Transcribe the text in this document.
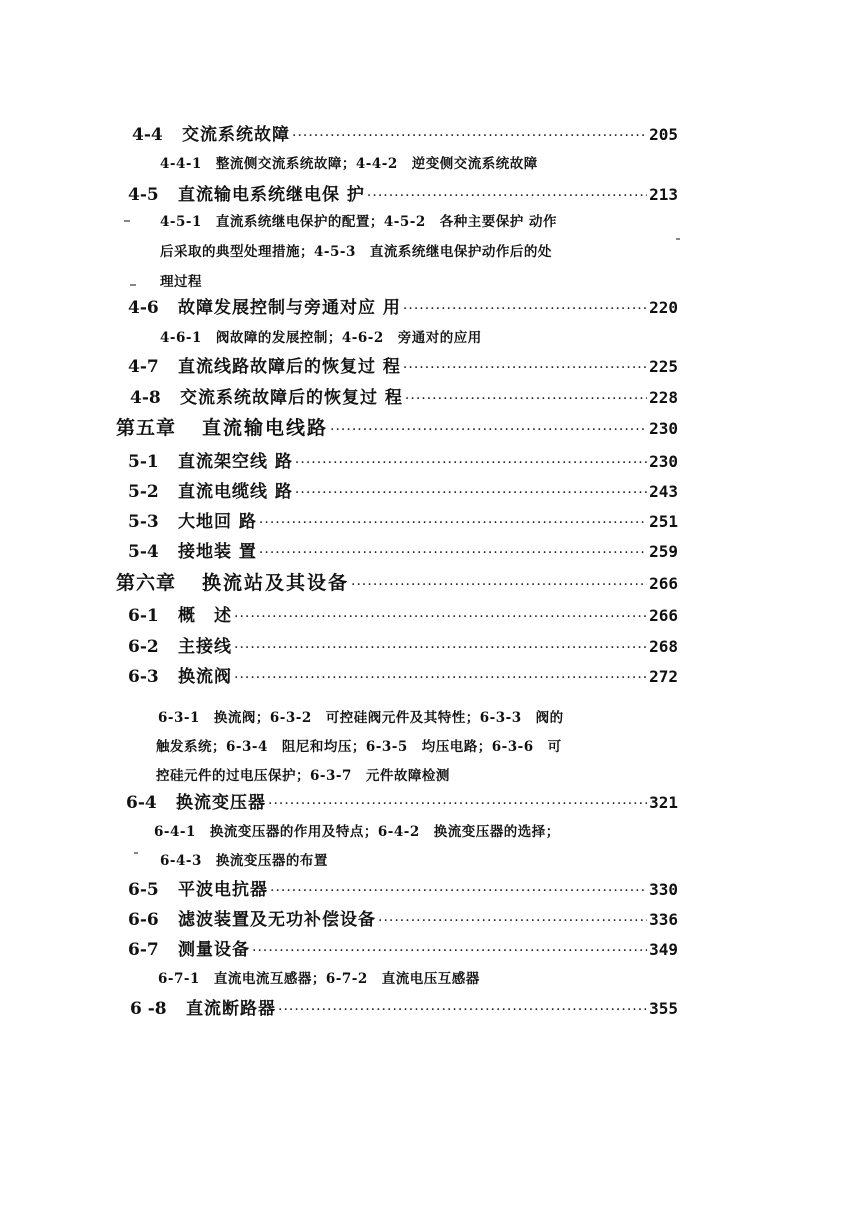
4-4	交流系统故障 ·····	205
4-4-1　整流侧交流系统故障；4-4-2　逆变侧交流系统故障
4-5	直流输电系统继电保 护 ·····	213
4-5-1　直流系统继电保护的配置；4-5-2　各种主要保护 动作
后采取的典型处理措施；4-5-3　直流系统继电保护动作后的处
理过程
4-6	故障发展控制与旁通对应 用 ·····	220
4-6-1　阀故障的发展控制；4-6-2　旁通对的应用
4-7	直流线路故障后的恢复过 程 ·····	225
4-8	交流系统故障后的恢复过 程 ·····	228
第五章 直流输电线路 ·····	230
5-1	直流架空线 路 ·····	230
5-2	直流电缆线 路 ·····	243
5-3	大地回 路 ·····	251
5-4	接地装 置 ·····	259
第六章 换流站及其设备 ·····	266
6-1	概　述 ·····	266
6-2	主接线 ·····	268
6-3	换流阀 ·····	272
6-3-1　换流阀；6-3-2　可控硅阀元件及其特性；6-3-3　阀的
触发系统；6-3-4　阻尼和均压；6-3-5　均压电路；6-3-6　可
控硅元件的过电压保护；6-3-7　元件故障检测
6-4	换流变压器 ·····	321
6-4-1　换流变压器的作用及特点；6-4-2　换流变压器的选择；
6-4-3　换流变压器的布置
6-5	平波电抗器 ·····	330
6-6	滤波装置及无功补偿设备 ·····	336
6-7	测量设备 ·····	349
6-7-1　直流电流互感器；6-7-2　直流电压互感器
6 -8	直流断路器 ·····	355
